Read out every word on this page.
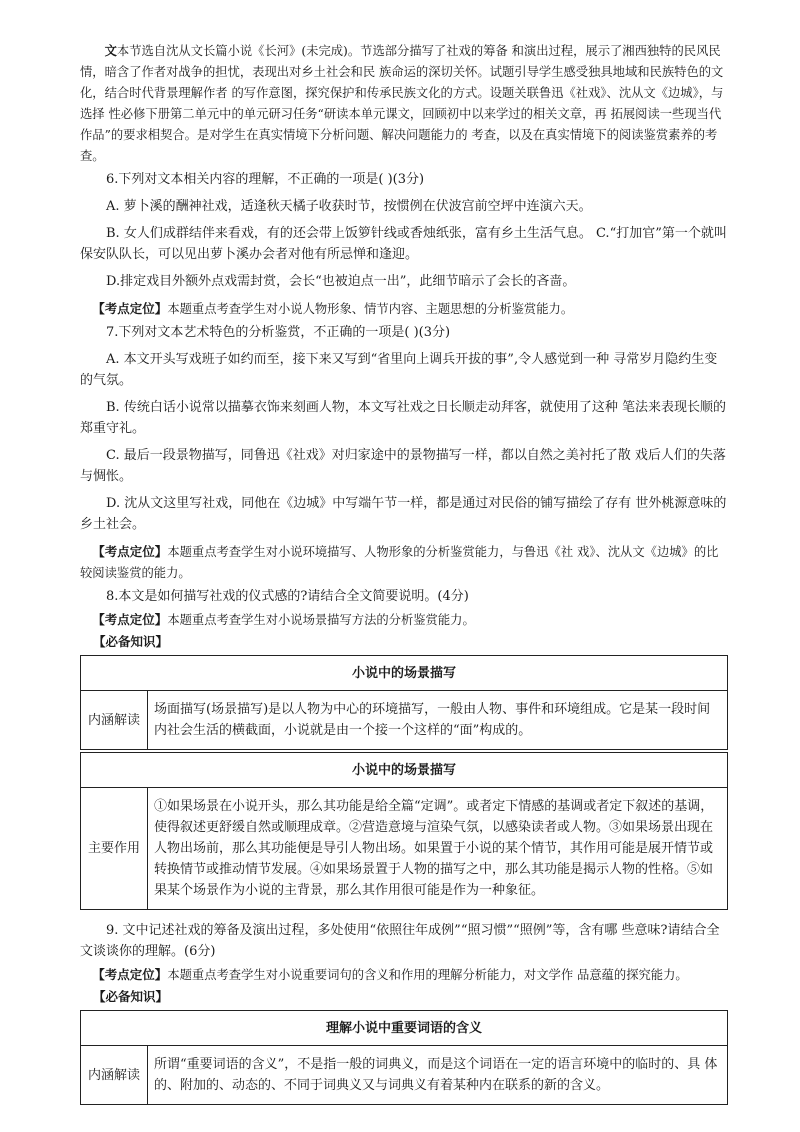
文本节选自沈从文长篇小说《长河》(未完成)。节选部分描写了社戏的筹备 和演出过程，展示了湘西独特的民风民情，暗含了作者对战争的担忧，表现出对乡土社会和民 族命运的深切关怀。试题引导学生感受独具地域和民族特色的文化，结合时代背景理解作者 的写作意图，探究保护和传承民族文化的方式。设题关联鲁迅《社戏》、沈从文《边城》，与选择 性必修下册第二单元中的单元研习任务“研读本单元课文，回顾初中以来学过的相关文章，再 拓展阅读一些现当代作品”的要求相契合。是对学生在真实情境下分析问题、解决问题能力的 考查，以及在真实情境下的阅读鉴赏素养的考查。

6.下列对文本相关内容的理解，不正确的一项是( )(3分)

A. 萝卜溪的酬神社戏，适逢秋天橘子收获时节，按惯例在伏波宫前空坪中连演六天。

B. 女人们成群结伴来看戏，有的还会带上饭箩针线或香烛纸张，富有乡土生活气息。 C.“打加官”第一个就叫保安队队长，可以见出萝卜溪办会者对他有所忌惮和逢迎。

D.排定戏目外额外点戏需封赏，会长“也被迫点一出”，此细节暗示了会长的吝啬。

【考点定位】本题重点考查学生对小说人物形象、情节内容、主题思想的分析鉴赏能力。

7.下列对文本艺术特色的分析鉴赏，不正确的一项是( )(3分)

A. 本文开头写戏班子如约而至，接下来又写到“省里向上调兵开拔的事”,令人感觉到一种 寻常岁月隐约生变的气氛。

B. 传统白话小说常以描摹衣饰来刻画人物，本文写社戏之日长顺走动拜客，就使用了这种 笔法来表现长顺的郑重守礼。

C. 最后一段景物描写，同鲁迅《社戏》对归家途中的景物描写一样，都以自然之美衬托了散 戏后人们的失落与惆怅。

D. 沈从文这里写社戏，同他在《边城》中写端午节一样，都是通过对民俗的铺写描绘了存有 世外桃源意味的乡土社会。

【考点定位】本题重点考查学生对小说环境描写、人物形象的分析鉴赏能力，与鲁迅《社 戏》、沈从文《边城》的比较阅读鉴赏的能力。

8.本文是如何描写社戏的仪式感的?请结合全文简要说明。(4分)

【考点定位】本题重点考查学生对小说场景描写方法的分析鉴赏能力。

【必备知识】

小说中的场景描写
内涵解读	场面描写(场景描写)是以人物为中心的环境描写，一般由人物、事件和环境组成。它是某一段时间内社会生活的横截面，小说就是由一个接一个这样的“面”构成的。
小说中的场景描写
主要作用	①如果场景在小说开头，那么其功能是给全篇“定调”。或者定下情感的基调或者定下叙述的基调，使得叙述更舒缓自然或顺理成章。②营造意境与渲染气氛，以感染读者或人物。③如果场景出现在人物出场前，那么其功能便是导引人物出场。如果置于小说的某个情节，其作用可能是展开情节或转换情节或推动情节发展。④如果场景置于人物的描写之中，那么其功能是揭示人物的性格。⑤如果某个场景作为小说的主背景，那么其作用很可能是作为一种象征。

9. 文中记述社戏的筹备及演出过程，多处使用“依照往年成例”“照习惯”“照例”等，含有哪 些意味?请结合全文谈谈你的理解。(6分)

【考点定位】本题重点考查学生对小说重要词句的含义和作用的理解分析能力，对文学作 品意蕴的探究能力。

【必备知识】

理解小说中重要词语的含义
内涵解读	所谓“重要词语的含义”，不是指一般的词典义，而是这个词语在一定的语言环境中的临时的、具 体的、附加的、动态的、不同于词典义又与词典义有着某种内在联系的新的含义。
